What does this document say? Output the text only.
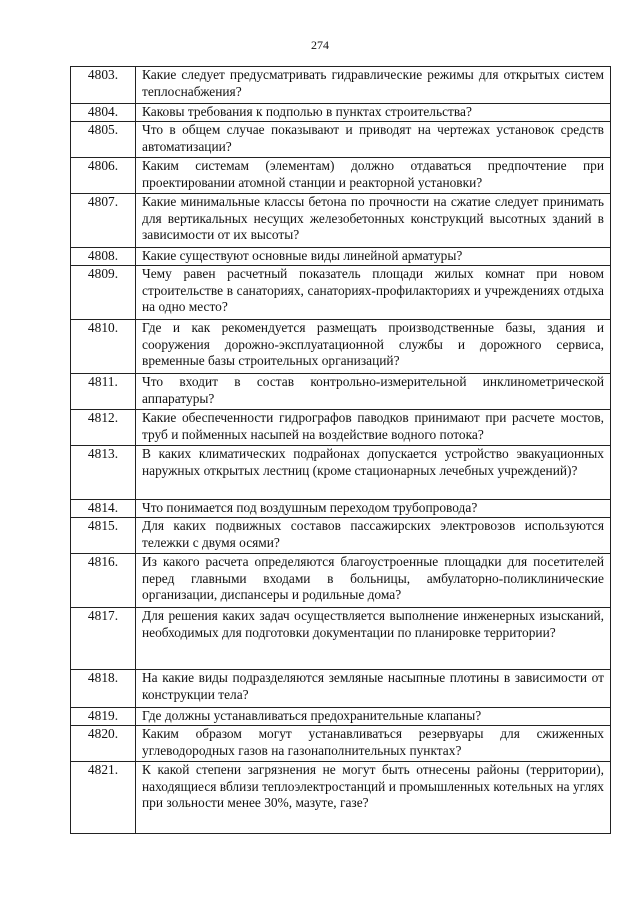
274
4803.	Какие следует предусматривать гидравлические режимы для открытых систем теплоснабжения?
4804.	Каковы требования к подполью в пунктах строительства?
4805.	Что в общем случае показывают и приводят на чертежах установок средств автоматизации?
4806.	Каким системам (элементам) должно отдаваться предпочтение при проектировании атомной станции и реакторной установки?
4807.	Какие минимальные классы бетона по прочности на сжатие следует принимать для вертикальных несущих железобетонных конструкций высотных зданий в зависимости от их высоты?
4808.	Какие существуют основные виды линейной арматуры?
4809.	Чему равен расчетный показатель площади жилых комнат при новом строительстве в санаториях, санаториях-профилакториях и учреждениях отдыха на одно место?
4810.	Где и как рекомендуется размещать производственные базы, здания и сооружения дорожно-эксплуатационной службы и дорожного сервиса, временные базы строительных организаций?
4811.	Что входит в состав контрольно-измерительной инклинометрической аппаратуры?
4812.	Какие обеспеченности гидрографов паводков принимают при расчете мостов, труб и пойменных насыпей на воздействие водного потока?
4813.	В каких климатических подрайонах допускается устройство эвакуационных наружных открытых лестниц (кроме стационарных лечебных учреждений)?
4814.	Что понимается под воздушным переходом трубопровода?
4815.	Для каких подвижных составов пассажирских электровозов используются тележки с двумя осями?
4816.	Из какого расчета определяются благоустроенные площадки для посетителей перед главными входами в больницы, амбулаторно-поликлинические организации, диспансеры и родильные дома?
4817.	Для решения каких задач осуществляется выполнение инженерных изысканий, необходимых для подготовки документации по планировке территории?
4818.	На какие виды подразделяются земляные насыпные плотины в зависимости от конструкции тела?
4819.	Где должны устанавливаться предохранительные клапаны?
4820.	Каким образом могут устанавливаться резервуары для сжиженных углеводородных газов на газонаполнительных пунктах?
4821.	К какой степени загрязнения не могут быть отнесены районы (территории), находящиеся вблизи теплоэлектростанций и промышленных котельных на углях при зольности менее 30%, мазуте, газе?
